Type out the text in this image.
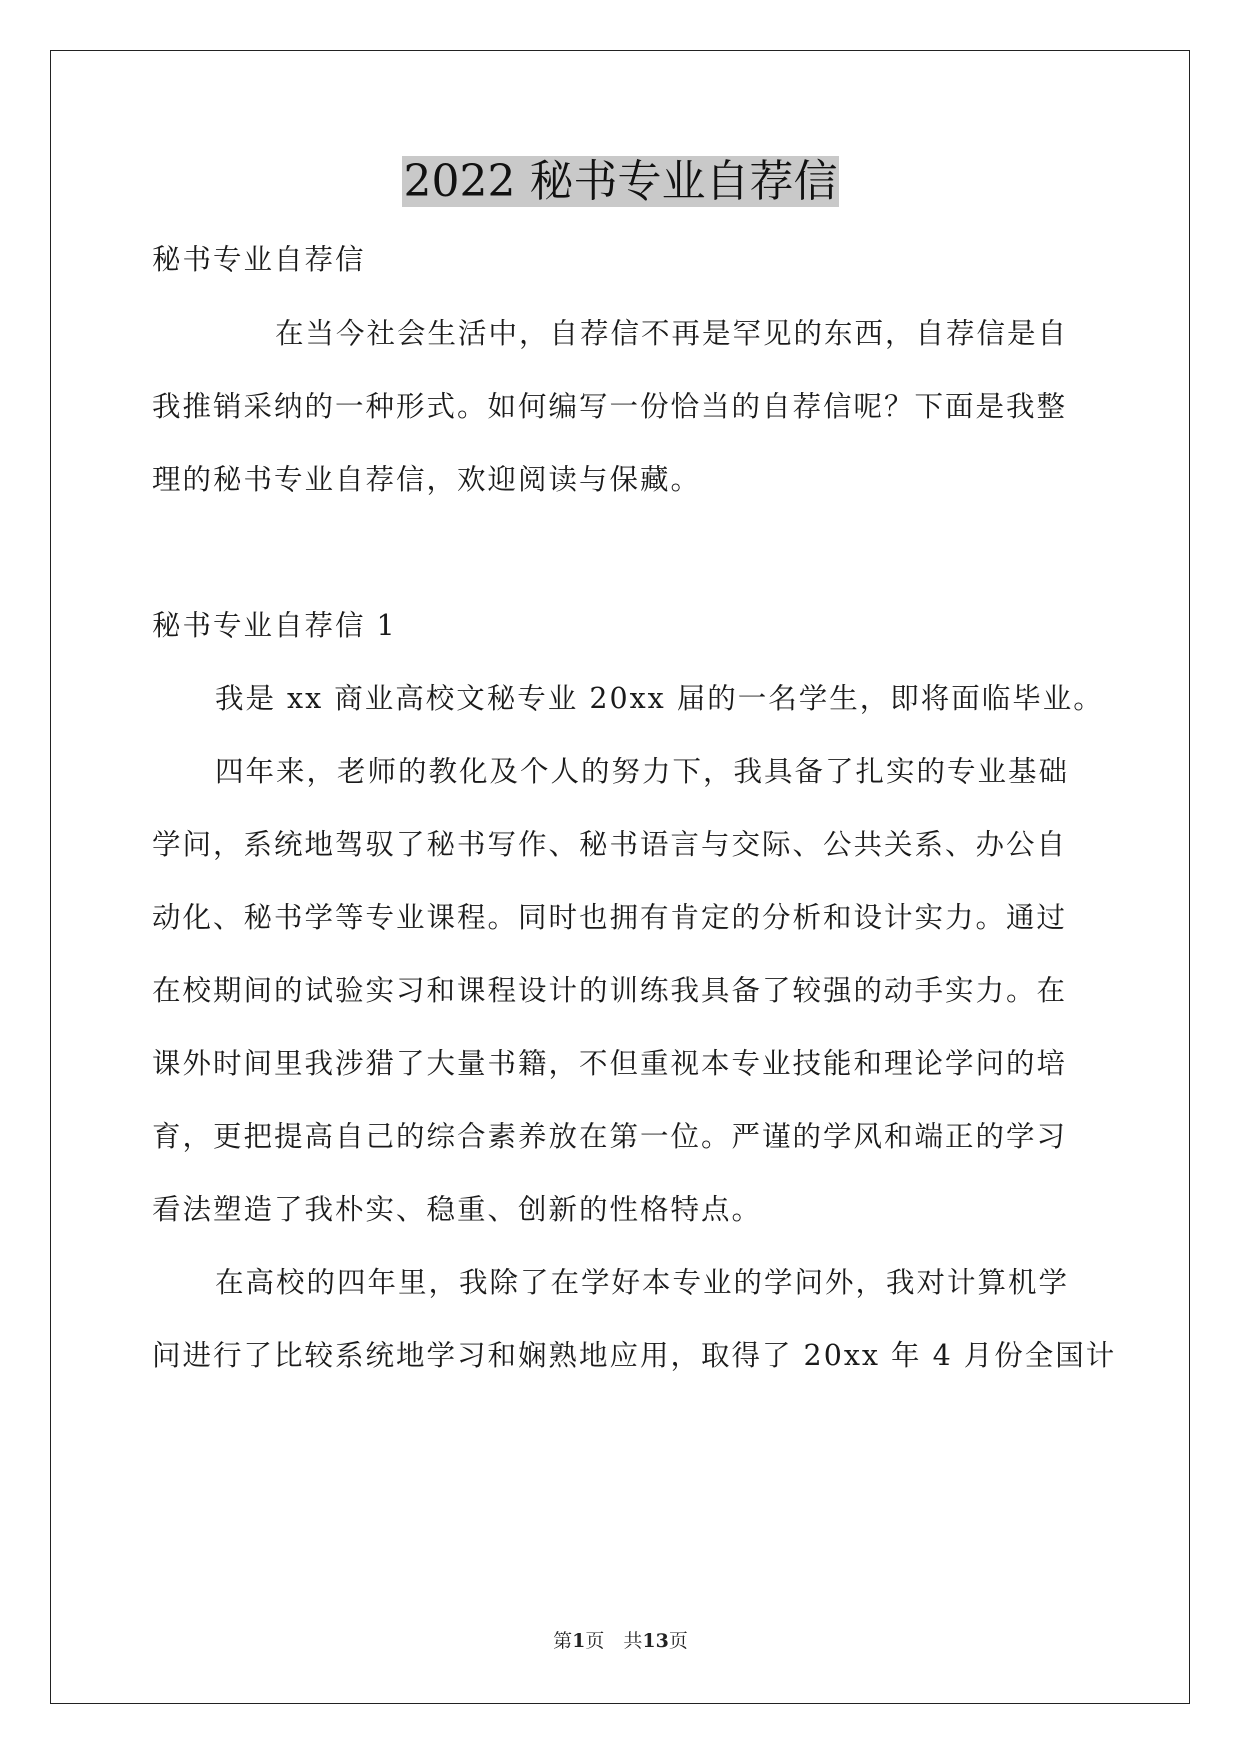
2022 秘书专业自荐信
秘书专业自荐信
在当今社会生活中，自荐信不再是罕见的东西，自荐信是自
我推销采纳的一种形式。如何编写一份恰当的自荐信呢？下面是我整
理的秘书专业自荐信，欢迎阅读与保藏。
秘书专业自荐信 1
我是 xx 商业高校文秘专业 20xx 届的一名学生，即将面临毕业。
四年来，老师的教化及个人的努力下，我具备了扎实的专业基础
学问，系统地驾驭了秘书写作、秘书语言与交际、公共关系、办公自
动化、秘书学等专业课程。同时也拥有肯定的分析和设计实力。通过
在校期间的试验实习和课程设计的训练我具备了较强的动手实力。在
课外时间里我涉猎了大量书籍，不但重视本专业技能和理论学问的培
育，更把提高自己的综合素养放在第一位。严谨的学风和端正的学习
看法塑造了我朴实、稳重、创新的性格特点。
在高校的四年里，我除了在学好本专业的学问外，我对计算机学
问进行了比较系统地学习和娴熟地应用，取得了 20xx 年 4 月份全国计
第1页　共13页
